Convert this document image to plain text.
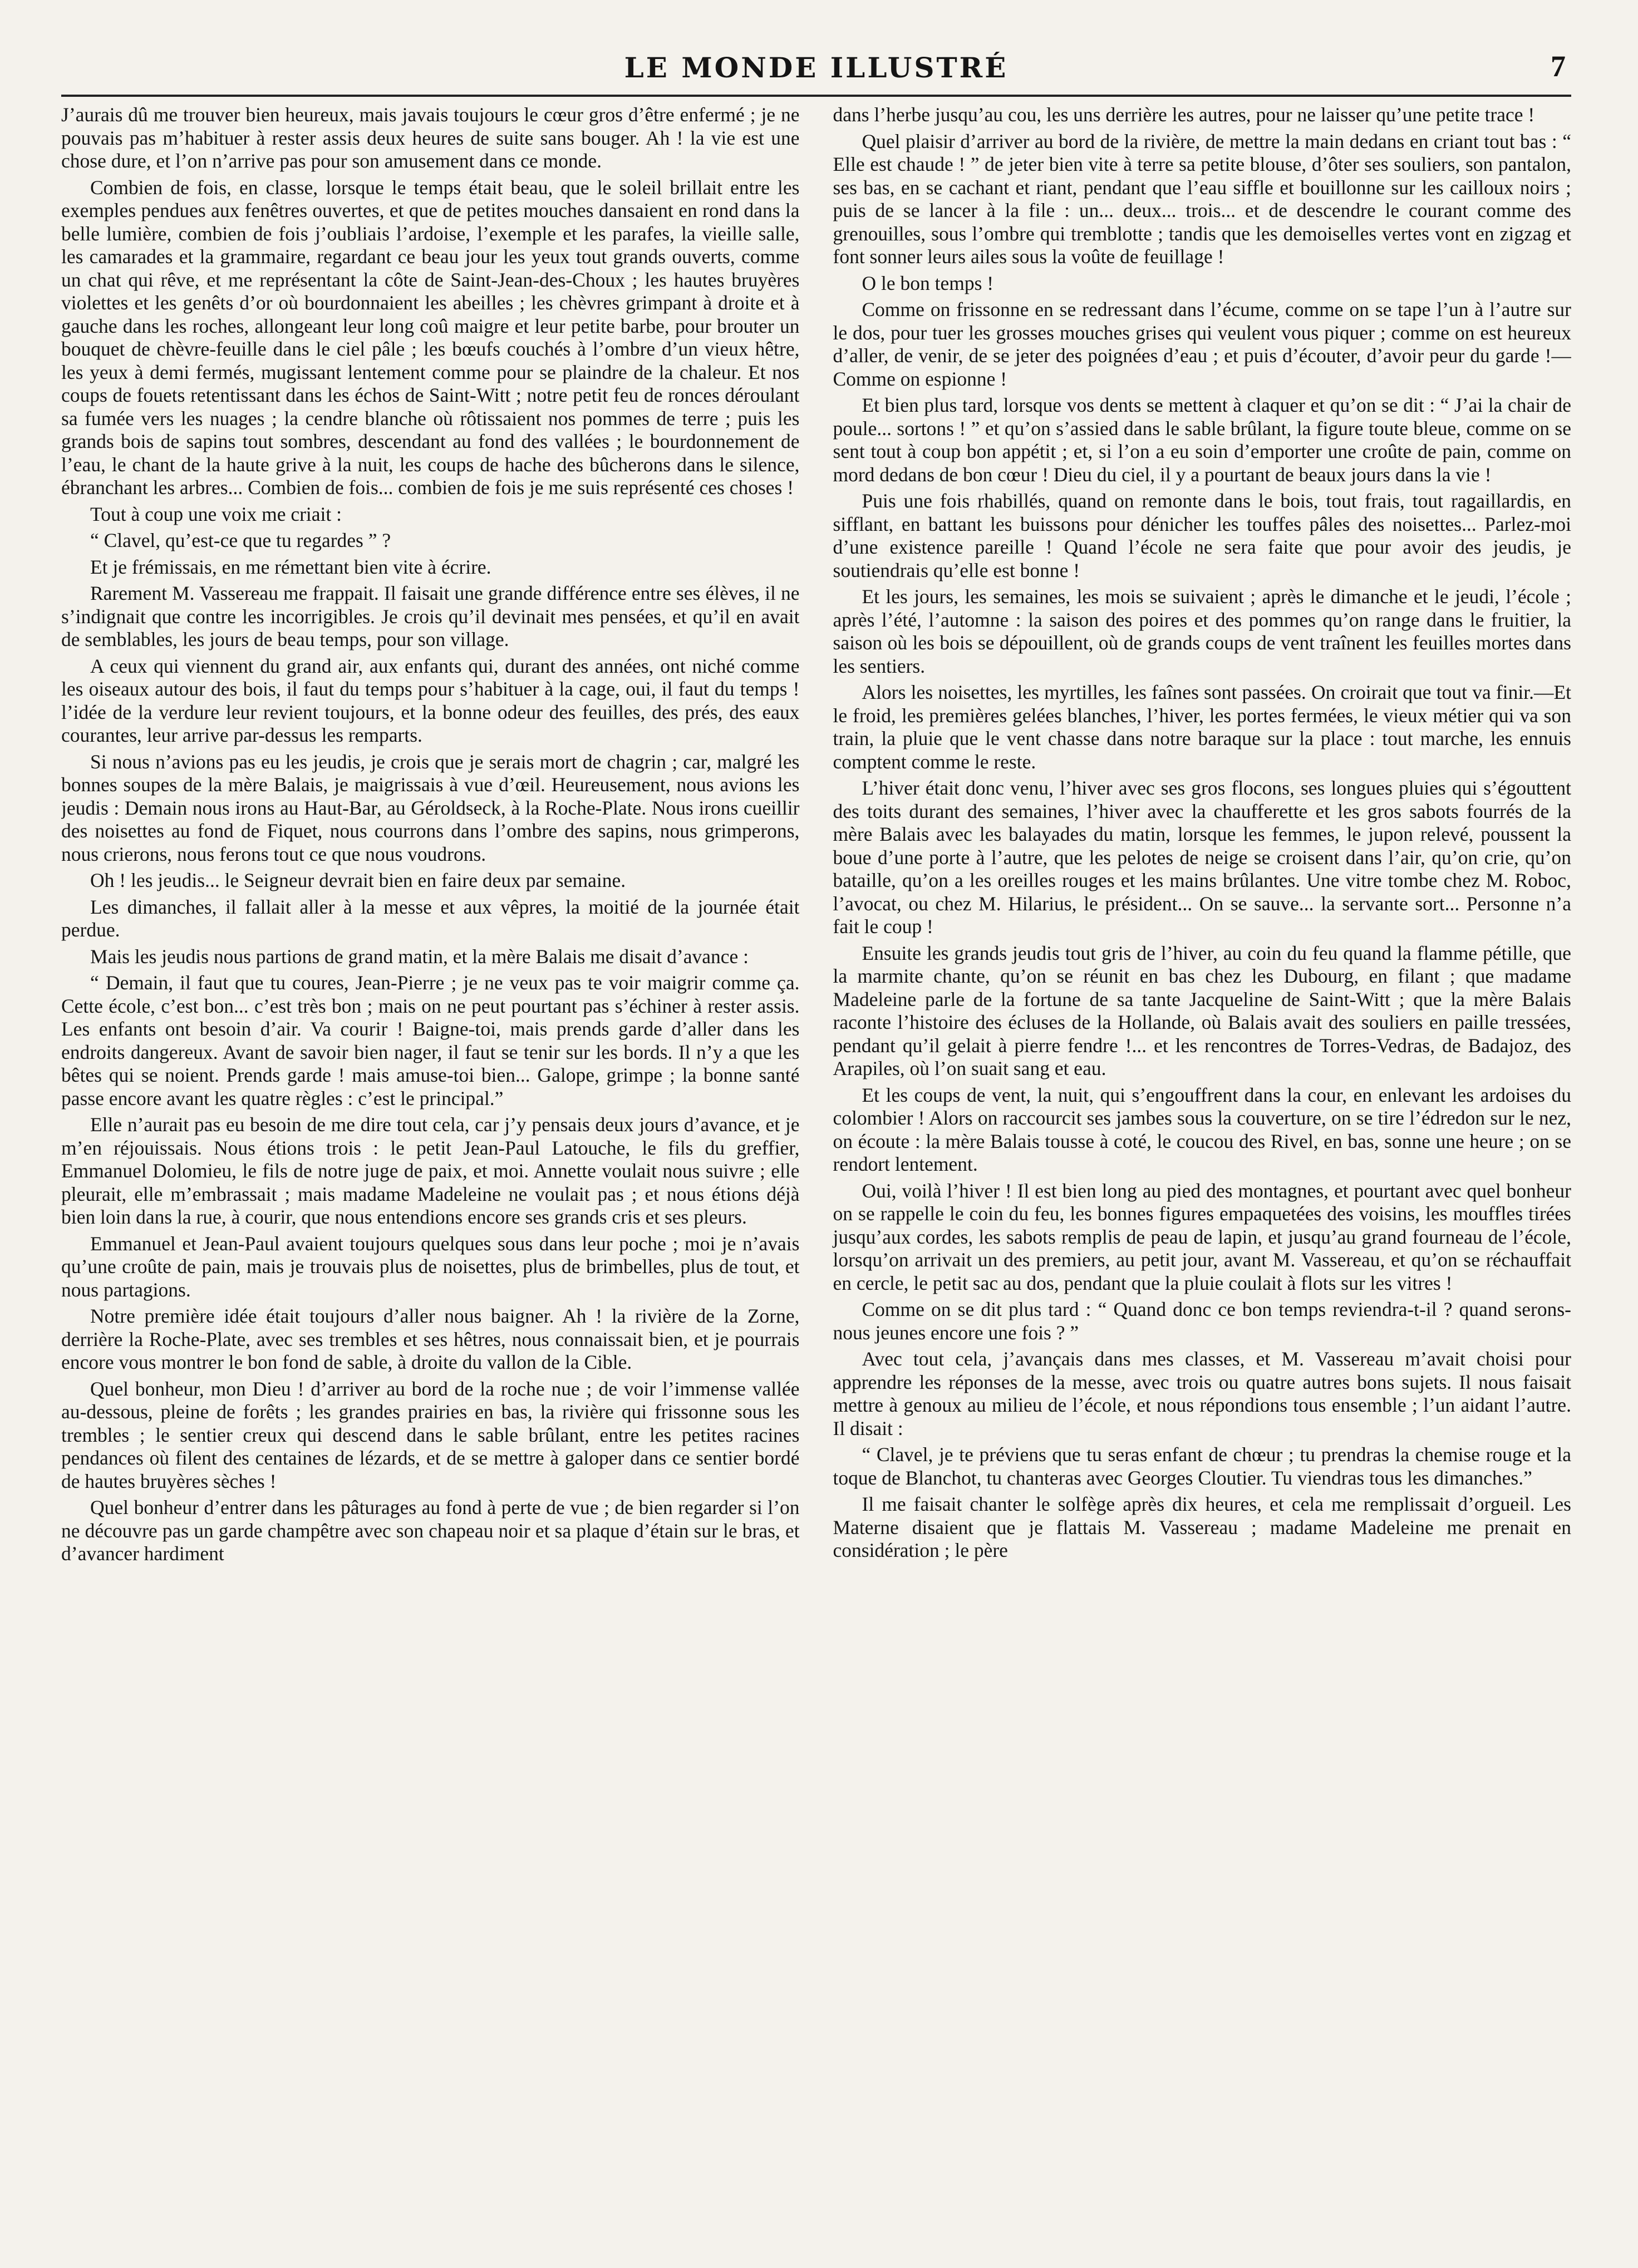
LE MONDE ILLUSTRÉ	7

J’aurais dû me trouver bien heureux, mais javais toujours le cœur gros d’être enfermé ; je ne pouvais pas m’habituer à rester assis deux heures de suite sans bouger. Ah ! la vie est une chose dure, et l’on n’arrive pas pour son amusement dans ce monde.

Combien de fois, en classe, lorsque le temps était beau, que le soleil brillait entre les exemples pendues aux fenêtres ouvertes, et que de petites mouches dansaient en rond dans la belle lumière, combien de fois j’oubliais l’ardoise, l’exemple et les parafes, la vieille salle, les camarades et la grammaire, regardant ce beau jour les yeux tout grands ouverts, comme un chat qui rêve, et me représentant la côte de Saint-Jean-des-Choux ; les hautes bruyères violettes et les genêts d’or où bourdonnaient les abeilles ; les chèvres grimpant à droite et à gauche dans les roches, allongeant leur long coû maigre et leur petite barbe, pour brouter un bouquet de chèvre-feuille dans le ciel pâle ; les bœufs couchés à l’ombre d’un vieux hêtre, les yeux à demi fermés, mugissant lentement comme pour se plaindre de la chaleur. Et nos coups de fouets retentissant dans les échos de Saint-Witt ; notre petit feu de ronces déroulant sa fumée vers les nuages ; la cendre blanche où rôtissaient nos pommes de terre ; puis les grands bois de sapins tout sombres, descendant au fond des vallées ; le bourdonnement de l’eau, le chant de la haute grive à la nuit, les coups de hache des bûcherons dans le silence, ébranchant les arbres... Combien de fois... combien de fois je me suis représenté ces choses !

Tout à coup une voix me criait :

“ Clavel, qu’est-ce que tu regardes ” ?

Et je frémissais, en me rémettant bien vite à écrire.

Rarement M. Vassereau me frappait. Il faisait une grande différence entre ses élèves, il ne s’indignait que contre les incorrigibles. Je crois qu’il devinait mes pensées, et qu’il en avait de semblables, les jours de beau temps, pour son village.

A ceux qui viennent du grand air, aux enfants qui, durant des années, ont niché comme les oiseaux autour des bois, il faut du temps pour s’habituer à la cage, oui, il faut du temps ! l’idée de la verdure leur revient toujours, et la bonne odeur des feuilles, des prés, des eaux courantes, leur arrive par-dessus les remparts.

Si nous n’avions pas eu les jeudis, je crois que je serais mort de chagrin ; car, malgré les bonnes soupes de la mère Balais, je maigrissais à vue d’œil. Heureusement, nous avions les jeudis : Demain nous irons au Haut-Bar, au Géroldseck, à la Roche-Plate. Nous irons cueillir des noisettes au fond de Fiquet, nous courrons dans l’ombre des sapins, nous grimperons, nous crierons, nous ferons tout ce que nous voudrons.

Oh ! les jeudis... le Seigneur devrait bien en faire deux par semaine.

Les dimanches, il fallait aller à la messe et aux vêpres, la moitié de la journée était perdue.

Mais les jeudis nous partions de grand matin, et la mère Balais me disait d’avance :

“ Demain, il faut que tu coures, Jean-Pierre ; je ne veux pas te voir maigrir comme ça. Cette école, c’est bon... c’est très bon ; mais on ne peut pourtant pas s’échiner à rester assis. Les enfants ont besoin d’air. Va courir ! Baigne-toi, mais prends garde d’aller dans les endroits dangereux. Avant de savoir bien nager, il faut se tenir sur les bords. Il n’y a que les bêtes qui se noient. Prends garde ! mais amuse-toi bien... Galope, grimpe ; la bonne santé passe encore avant les quatre règles : c’est le principal.”

Elle n’aurait pas eu besoin de me dire tout cela, car j’y pensais deux jours d’avance, et je m’en réjouissais. Nous étions trois : le petit Jean-Paul Latouche, le fils du greffier, Emmanuel Dolomieu, le fils de notre juge de paix, et moi. Annette voulait nous suivre ; elle pleurait, elle m’embrassait ; mais madame Madeleine ne voulait pas ; et nous étions déjà bien loin dans la rue, à courir, que nous entendions encore ses grands cris et ses pleurs.

Emmanuel et Jean-Paul avaient toujours quelques sous dans leur poche ; moi je n’avais qu’une croûte de pain, mais je trouvais plus de noisettes, plus de brimbelles, plus de tout, et nous partagions.

Notre première idée était toujours d’aller nous baigner. Ah ! la rivière de la Zorne, derrière la Roche-Plate, avec ses trembles et ses hêtres, nous connaissait bien, et je pourrais encore vous montrer le bon fond de sable, à droite du vallon de la Cible.

Quel bonheur, mon Dieu ! d’arriver au bord de la roche nue ; de voir l’immense vallée au-dessous, pleine de forêts ; les grandes prairies en bas, la rivière qui frissonne sous les trembles ; le sentier creux qui descend dans le sable brûlant, entre les petites racines pendances où filent des centaines de lézards, et de se mettre à galoper dans ce sentier bordé de hautes bruyères sèches !

Quel bonheur d’entrer dans les pâturages au fond à perte de vue ; de bien regarder si l’on ne découvre pas un garde champêtre avec son chapeau noir et sa plaque d’étain sur le bras, et d’avancer hardiment

dans l’herbe jusqu’au cou, les uns derrière les autres, pour ne laisser qu’une petite trace !

Quel plaisir d’arriver au bord de la rivière, de mettre la main dedans en criant tout bas : “ Elle est chaude ! ” de jeter bien vite à terre sa petite blouse, d’ôter ses souliers, son pantalon, ses bas, en se cachant et riant, pendant que l’eau siffle et bouillonne sur les cailloux noirs ; puis de se lancer à la file : un... deux... trois... et de descendre le courant comme des grenouilles, sous l’ombre qui tremblotte ; tandis que les demoiselles vertes vont en zigzag et font sonner leurs ailes sous la voûte de feuillage !

O le bon temps !

Comme on frissonne en se redressant dans l’écume, comme on se tape l’un à l’autre sur le dos, pour tuer les grosses mouches grises qui veulent vous piquer ; comme on est heureux d’aller, de venir, de se jeter des poignées d’eau ; et puis d’écouter, d’avoir peur du garde !— Comme on espionne !

Et bien plus tard, lorsque vos dents se mettent à claquer et qu’on se dit : “ J’ai la chair de poule... sortons ! ” et qu’on s’assied dans le sable brûlant, la figure toute bleue, comme on se sent tout à coup bon appétit ; et, si l’on a eu soin d’emporter une croûte de pain, comme on mord dedans de bon cœur ! Dieu du ciel, il y a pourtant de beaux jours dans la vie !

Puis une fois rhabillés, quand on remonte dans le bois, tout frais, tout ragaillardis, en sifflant, en battant les buissons pour dénicher les touffes pâles des noisettes... Parlez-moi d’une existence pareille ! Quand l’école ne sera faite que pour avoir des jeudis, je soutiendrais qu’elle est bonne !

Et les jours, les semaines, les mois se suivaient ; après le dimanche et le jeudi, l’école ; après l’été, l’automne : la saison des poires et des pommes qu’on range dans le fruitier, la saison où les bois se dépouillent, où de grands coups de vent traînent les feuilles mortes dans les sentiers.

Alors les noisettes, les myrtilles, les faînes sont passées. On croirait que tout va finir.—Et le froid, les premières gelées blanches, l’hiver, les portes fermées, le vieux métier qui va son train, la pluie que le vent chasse dans notre baraque sur la place : tout marche, les ennuis comptent comme le reste.

L’hiver était donc venu, l’hiver avec ses gros flocons, ses longues pluies qui s’égouttent des toits durant des semaines, l’hiver avec la chaufferette et les gros sabots fourrés de la mère Balais avec les balayades du matin, lorsque les femmes, le jupon relevé, poussent la boue d’une porte à l’autre, que les pelotes de neige se croisent dans l’air, qu’on crie, qu’on bataille, qu’on a les oreilles rouges et les mains brûlantes. Une vitre tombe chez M. Roboc, l’avocat, ou chez M. Hilarius, le président... On se sauve... la servante sort... Personne n’a fait le coup !

Ensuite les grands jeudis tout gris de l’hiver, au coin du feu quand la flamme pétille, que la marmite chante, qu’on se réunit en bas chez les Dubourg, en filant ; que madame Madeleine parle de la fortune de sa tante Jacqueline de Saint-Witt ; que la mère Balais raconte l’histoire des écluses de la Hollande, où Balais avait des souliers en paille tressées, pendant qu’il gelait à pierre fendre !... et les rencontres de Torres-Vedras, de Badajoz, des Arapiles, où l’on suait sang et eau.

Et les coups de vent, la nuit, qui s’engouffrent dans la cour, en enlevant les ardoises du colombier ! Alors on raccourcit ses jambes sous la couverture, on se tire l’édredon sur le nez, on écoute : la mère Balais tousse à coté, le coucou des Rivel, en bas, sonne une heure ; on se rendort lentement.

Oui, voilà l’hiver ! Il est bien long au pied des montagnes, et pourtant avec quel bonheur on se rappelle le coin du feu, les bonnes figures empaquetées des voisins, les mouffles tirées jusqu’aux cordes, les sabots remplis de peau de lapin, et jusqu’au grand fourneau de l’école, lorsqu’on arrivait un des premiers, au petit jour, avant M. Vassereau, et qu’on se réchauffait en cercle, le petit sac au dos, pendant que la pluie coulait à flots sur les vitres !

Comme on se dit plus tard : “ Quand donc ce bon temps reviendra-t-il ? quand serons-nous jeunes encore une fois ? ”

Avec tout cela, j’avançais dans mes classes, et M. Vassereau m’avait choisi pour apprendre les réponses de la messe, avec trois ou quatre autres bons sujets. Il nous faisait mettre à genoux au milieu de l’école, et nous répondions tous ensemble ; l’un aidant l’autre. Il disait :

“ Clavel, je te préviens que tu seras enfant de chœur ; tu prendras la chemise rouge et la toque de Blanchot, tu chanteras avec Georges Cloutier. Tu viendras tous les dimanches.”

Il me faisait chanter le solfège après dix heures, et cela me remplissait d’orgueil. Les Materne disaient que je flattais M. Vassereau ; madame Madeleine me prenait en considération ; le père
